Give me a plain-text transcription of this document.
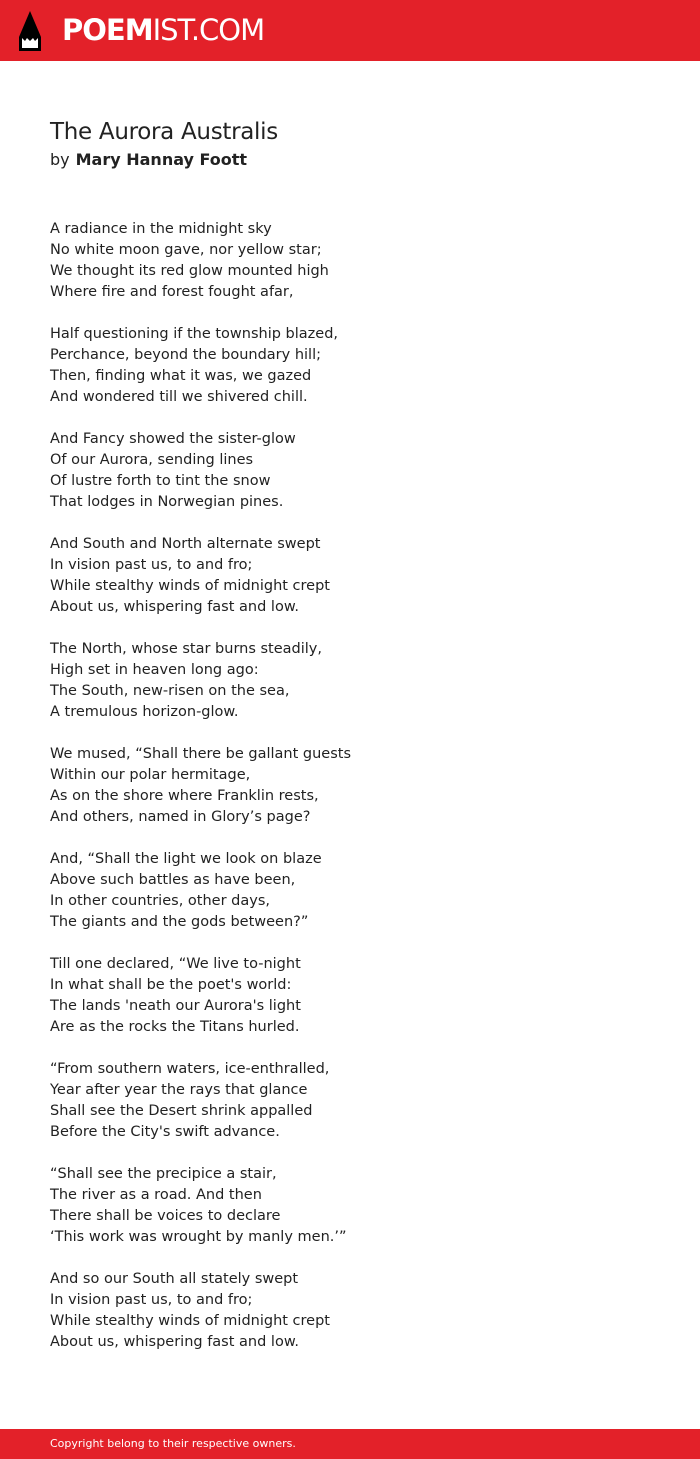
POEMIST.COM
The Aurora Australis
by Mary Hannay Foott
A radiance in the midnight sky
No white moon gave, nor yellow star;
We thought its red glow mounted high
Where fire and forest fought afar,
Half questioning if the township blazed,
Perchance, beyond the boundary hill;
Then, finding what it was, we gazed
And wondered till we shivered chill.
And Fancy showed the sister-glow
Of our Aurora, sending lines
Of lustre forth to tint the snow
That lodges in Norwegian pines.
And South and North alternate swept
In vision past us, to and fro;
While stealthy winds of midnight crept
About us, whispering fast and low.
The North, whose star burns steadily,
High set in heaven long ago:
The South, new-risen on the sea,
A tremulous horizon-glow.
We mused, “Shall there be gallant guests
Within our polar hermitage,
As on the shore where Franklin rests,
And others, named in Glory’s page?
And, “Shall the light we look on blaze
Above such battles as have been,
In other countries, other days,
The giants and the gods between?”
Till one declared, “We live to-night
In what shall be the poet's world:
The lands 'neath our Aurora's light
Are as the rocks the Titans hurled.
“From southern waters, ice-enthralled,
Year after year the rays that glance
Shall see the Desert shrink appalled
Before the City's swift advance.
“Shall see the precipice a stair,
The river as a road. And then
There shall be voices to declare
‘This work was wrought by manly men.’”
And so our South all stately swept
In vision past us, to and fro;
While stealthy winds of midnight crept
About us, whispering fast and low.
Copyright belong to their respective owners.
